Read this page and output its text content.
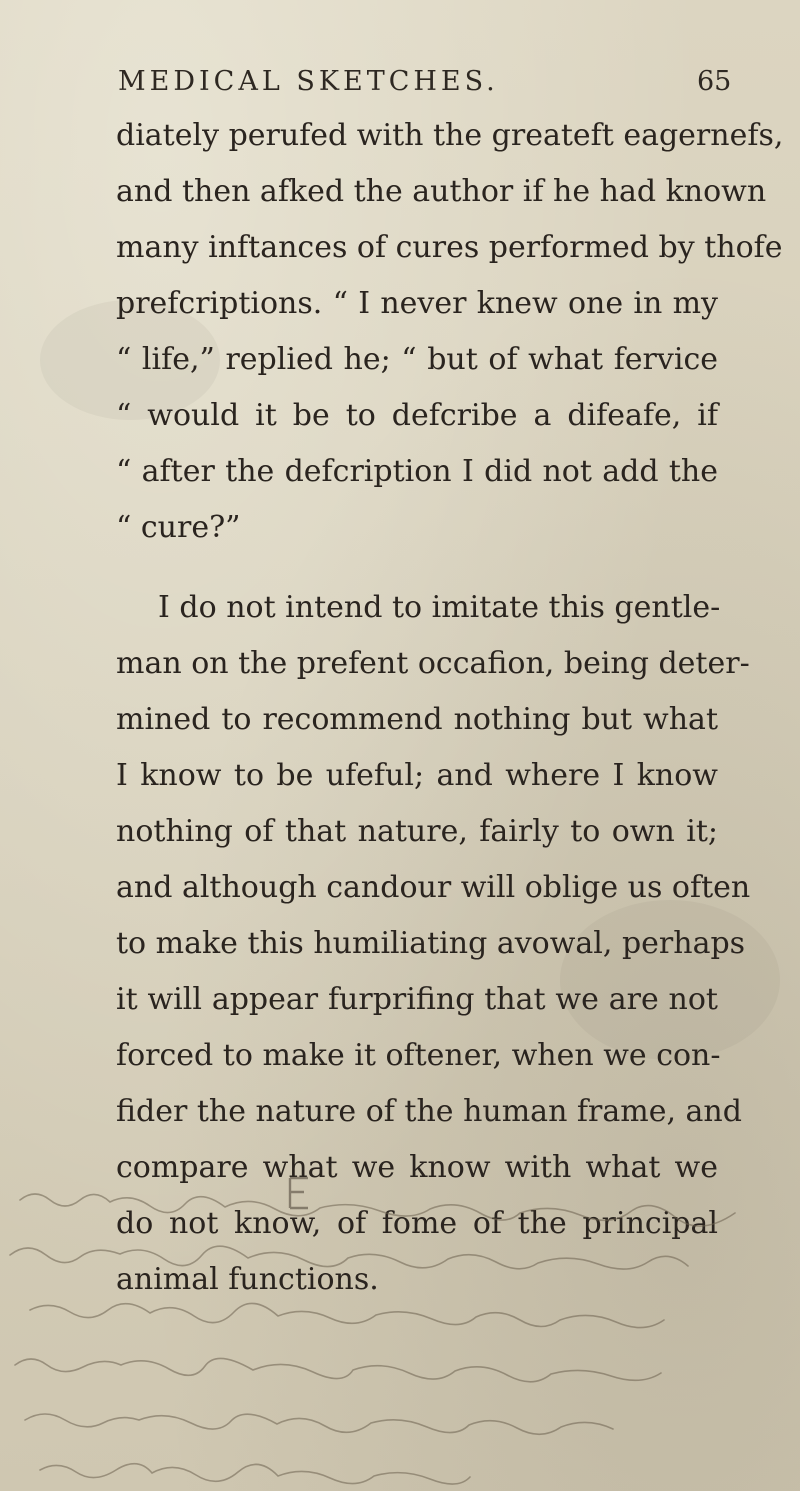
MEDICAL SKETCHES.	65
diately perufed with the greateft eagernefs,
and then afked the author if he had known
many inftances of cures performed by thofe
prefcriptions. “ I never knew one in my
“ life,” replied he; “ but of what fervice
“ would it be to defcribe a difeafe, if
“ after the defcription I did not add the
“ cure?”
I do not intend to imitate this gentle-
man on the prefent occafion, being deter-
mined to recommend nothing but what
I know to be ufeful; and where I know
nothing of that nature, fairly to own it;
and although candour will oblige us often
to make this humiliating avowal, perhaps
it will appear furprifing that we are not
forced to make it oftener, when we con-
fider the nature of the human frame, and
compare what we know with what we
do not know, of fome of the principal
animal functions.
